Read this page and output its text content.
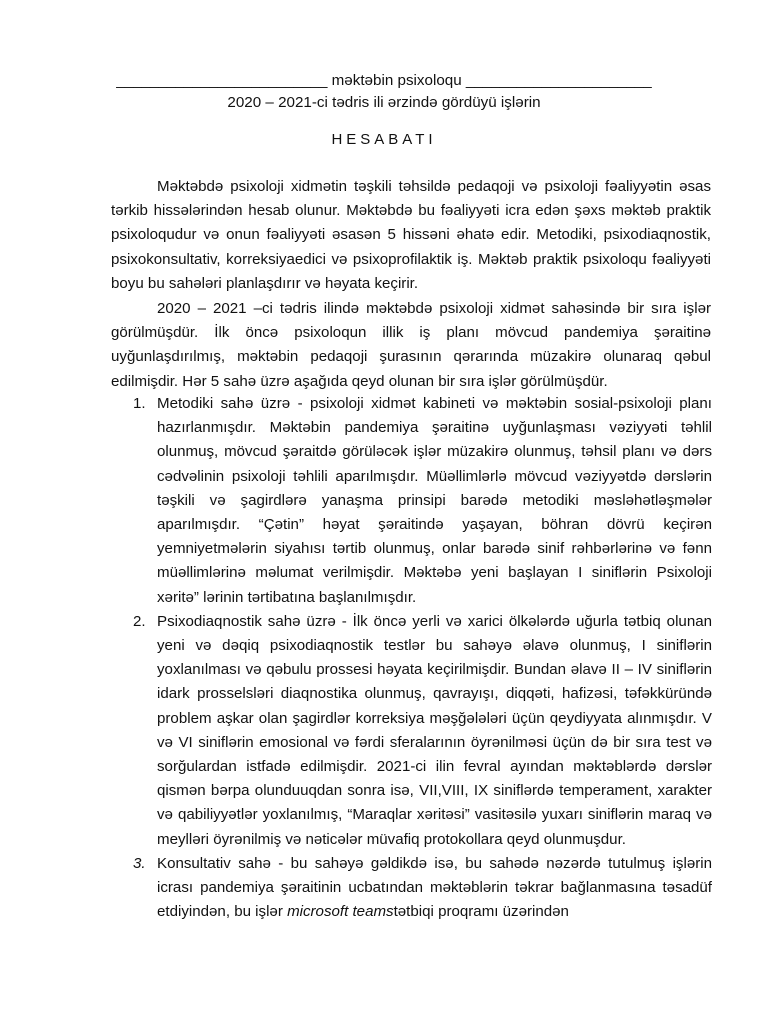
_________________________ məktəbin psixoloqu ______________________
2020 – 2021-ci tədris ili ərzində gördüyü işlərin
HESABATI

Məktəbdə psixoloji xidmətin təşkili təhsildə pedaqoji və psixoloji fəaliyyətin əsas tərkib hissələrindən hesab olunur. Məktəbdə bu fəaliyyəti icra edən şəxs məktəb praktik psixoloqudur və onun fəaliyyəti əsasən 5 hissəni əhatə edir. Metodiki, psixodiaqnostik, psixokonsultativ, korreksiyaedici və psixoprofilaktik iş. Məktəb praktik psixoloqu fəaliyyəti boyu bu sahələri planlaşdırır və həyata keçirir.

2020 – 2021 –ci tədris ilində məktəbdə psixoloji xidmət sahəsində bir sıra işlər görülmüşdür. İlk öncə psixoloqun illik iş planı mövcud pandemiya şəraitinə uyğunlaşdırılmış, məktəbin pedaqoji şurasının qərarında müzakirə olunaraq qəbul edilmişdir. Hər 5 sahə üzrə aşağıda qeyd olunan bir sıra işlər görülmüşdür.

1. Metodiki sahə üzrə - psixoloji xidmət kabineti və məktəbin sosial-psixoloji planı hazırlanmışdır. Məktəbin pandemiya şəraitinə uyğunlaşması vəziyyəti təhlil olunmuş, mövcud şəraitdə görüləcək işlər müzakirə olunmuş, təhsil planı və dərs cədvəlinin psixoloji təhlili aparılmışdır. Müəllimlərlə mövcud vəziyyətdə dərslərin təşkili və şagirdlərə yanaşma prinsipi barədə metodiki məsləhətləşmələr aparılmışdır. “Çətin” həyat şəraitində yaşayan, böhran dövrü keçirən yemniyetmələrin siyahısı tərtib olunmuş, onlar barədə sinif rəhbərlərinə və fənn müəllimlərinə məlumat verilmişdir. Məktəbə yeni başlayan I siniflərin Psixoloji xəritə” lərinin tərtibatına başlanılmışdır.
2. Psixodiaqnostik sahə üzrə - İlk öncə yerli və xarici ölkələrdə uğurla tətbiq olunan yeni və dəqiq psixodiaqnostik testlər bu sahəyə əlavə olunmuş, I siniflərin yoxlanılması və qəbulu prossesi həyata keçirilmişdir. Bundan əlavə II – IV siniflərin idark prosselsləri diaqnostika olunmuş, qavrayışı, diqqəti, hafizəsi, təfəkküründə problem aşkar olan şagirdlər korreksiya məşğələləri üçün qeydiyyata alınmışdır. V və VI siniflərin emosional və fərdi sferalarının öyrənilməsi üçün də bir sıra test və sorğulardan istfadə edilmişdir. 2021-ci ilin fevral ayından məktəblərdə dərslər qismən bərpa olunduuqdan sonra isə, VII,VIII, IX siniflərdə temperament, xarakter və qabiliyyətlər yoxlanılmış, “Maraqlar xəritəsi” vasitəsilə yuxarı siniflərin maraq və meylləri öyrənilmiş və nəticələr müvafiq protokollara qeyd olunmuşdur.
3. Konsultativ sahə - bu sahəyə gəldikdə isə, bu sahədə nəzərdə tutulmuş işlərin icrası pandemiya şəraitinin ucbatından məktəblərin təkrar bağlanmasına təsadüf etdiyindən, bu işlər microsoft teamstətbiqi proqramı üzərindən
